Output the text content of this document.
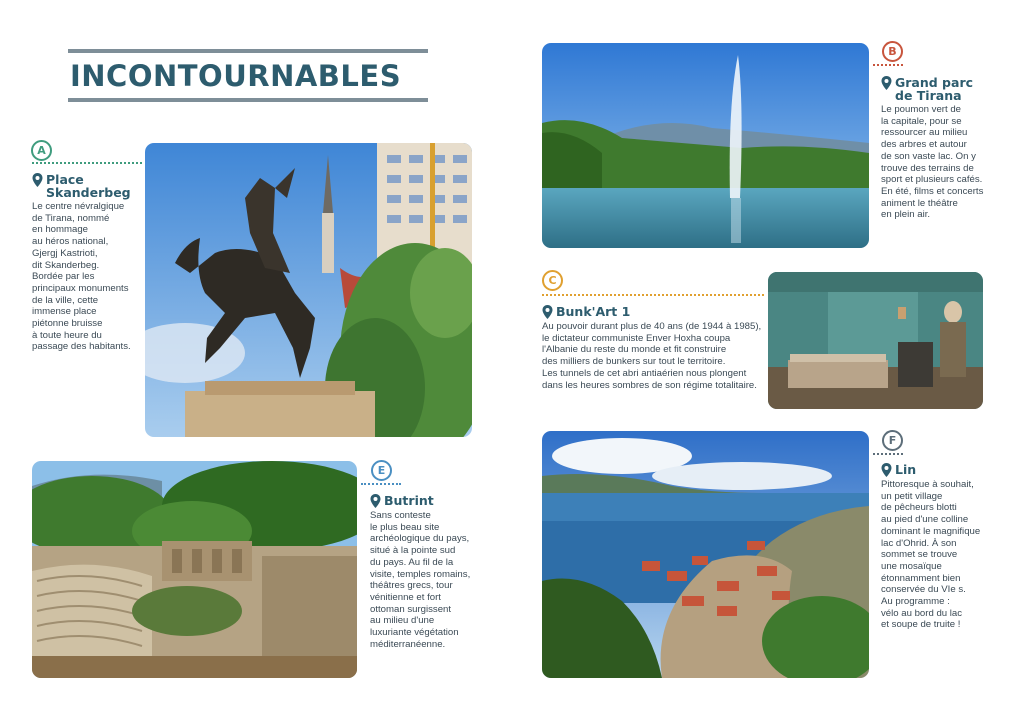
INCONTOURNABLES
A
Place
Skanderbeg
Le centre névralgique
de Tirana, nommé
en hommage
au héros national,
Gjergj Kastrioti,
dit Skanderbeg.
Bordée par les
principaux monuments
de la ville, cette
immense place
piétonne bruisse
à toute heure du
passage des habitants.
B
Grand parc
de Tirana
Le poumon vert de
la capitale, pour se
ressourcer au milieu
des arbres et autour
de son vaste lac. On y
trouve des terrains de
sport et plusieurs cafés.
En été, films et concerts
animent le théâtre
en plein air.
C
Bunk'Art 1
Au pouvoir durant plus de 40 ans (de 1944 à 1985),
le dictateur communiste Enver Hoxha coupa
l'Albanie du reste du monde et fit construire
des milliers de bunkers sur tout le territoire.
Les tunnels de cet abri antiaérien nous plongent
dans les heures sombres de son régime totalitaire.
E
Butrint
Sans conteste
le plus beau site
archéologique du pays,
situé à la pointe sud
du pays. Au fil de la
visite, temples romains,
théâtres grecs, tour
vénitienne et fort
ottoman surgissent
au milieu d'une
luxuriante végétation
méditerranéenne.
F
Lin
Pittoresque à souhait,
un petit village
de pêcheurs blotti
au pied d'une colline
dominant le magnifique
lac d'Ohrid. À son
sommet se trouve
une mosaïque
étonnamment bien
conservée du VIe s.
Au programme :
vélo au bord du lac
et soupe de truite !
